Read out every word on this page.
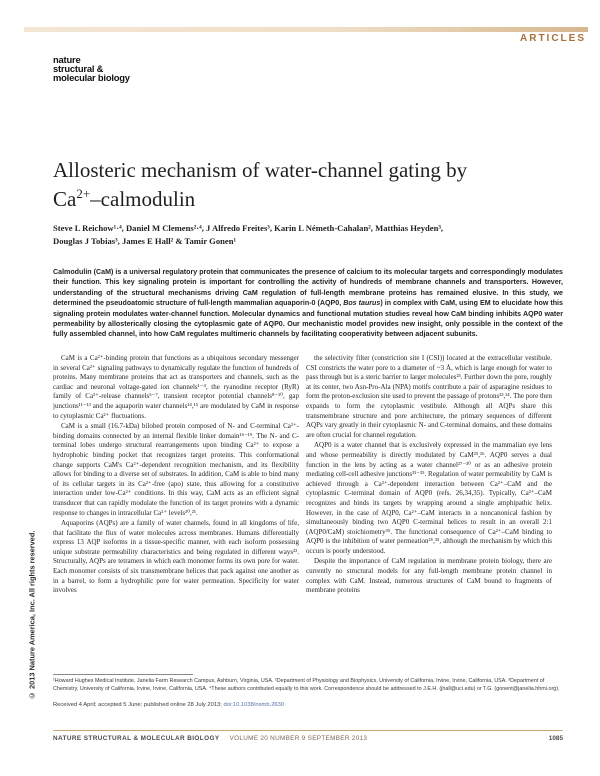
ARTICLES
nature
structural &
molecular biology
Allosteric mechanism of water-channel gating by
$Ca^{2+}$–calmodulin
Steve L Reichow¹·⁴, Daniel M Clemens²·⁴, J Alfredo Freites³, Karin L Németh-Cahalan², Matthias Heyden³,
Douglas J Tobias³, James E Hall² & Tamir Gonen¹
Calmodulin (CaM) is a universal regulatory protein that communicates the presence of calcium to its molecular targets and correspondingly modulates their function. This key signaling protein is important for controlling the activity of hundreds of membrane channels and transporters. However, understanding of the structural mechanisms driving CaM regulation of full-length membrane proteins has remained elusive. In this study, we determined the pseudoatomic structure of full-length mammalian aquaporin-0 (AQP0, Bos taurus) in complex with CaM, using EM to elucidate how this signaling protein modulates water-channel function. Molecular dynamics and functional mutation studies reveal how CaM binding inhibits AQP0 water permeability by allosterically closing the cytoplasmic gate of AQP0. Our mechanistic model provides new insight, only possible in the context of the fully assembled channel, into how CaM regulates multimeric channels by facilitating cooperativity between adjacent subunits.
© 2013 Nature America, Inc. All rights reserved.

CaM is a Ca²⁺-binding protein that functions as a ubiquitous secondary messenger in several Ca²⁺ signaling pathways to dynamically regulate the function of hundreds of proteins. Many membrane proteins that act as transporters and channels, such as the cardiac and neuronal voltage-gated ion channels¹⁻⁴, the ryanodine receptor (RyR) family of Ca²⁺-release channels⁵⁻⁷, transient receptor potential channels⁸⁻¹⁰, gap junctions¹¹⁻¹³ and the aquaporin water channels¹⁴,¹⁵ are modulated by CaM in response to cytoplasmic Ca²⁺ fluctuations.

CaM is a small (16.7-kDa) bilobed protein composed of N- and C-terminal Ca²⁺-binding domains connected by an internal flexible linker domain¹⁶⁻¹⁹. The N- and C-terminal lobes undergo structural rearrangements upon binding Ca²⁺ to expose a hydrophobic binding pocket that recognizes target proteins. This conformational change supports CaM's Ca²⁺-dependent recognition mechanism, and its flexibility allows for binding to a diverse set of substrates. In addition, CaM is able to bind many of its cellular targets in its Ca²⁺-free (apo) state, thus allowing for a constitutive interaction under low-Ca²⁺ conditions. In this way, CaM acts as an efficient signal transducer that can rapidly modulate the function of its target proteins with a dynamic response to changes in intracellular Ca²⁺ levels²⁰,²¹.

Aquaporins (AQPs) are a family of water channels, found in all kingdoms of life, that facilitate the flux of water molecules across membranes. Humans differentially express 13 AQP isoforms in a tissue-specific manner, with each isoform possessing unique substrate permeability characteristics and being regulated in different ways²². Structurally, AQPs are tetramers in which each monomer forms its own pore for water. Each monomer consists of six transmembrane helices that pack against one another as in a barrel, to form a hydrophilic pore for water permeation. Specificity for water involves

the selectivity filter (constriction site I (CSI)) located at the extracellular vestibule. CSI constricts the water pore to a diameter of ~3 Å, which is large enough for water to pass through but is a steric barrier to larger molecules²³. Further down the pore, roughly at its center, two Asn-Pro-Ala (NPA) motifs contribute a pair of asparagine residues to form the proton-exclusion site used to prevent the passage of protons²³,²⁴. The pore then expands to form the cytoplasmic vestibule. Although all AQPs share this transmembrane structure and pore architecture, the primary sequences of different AQPs vary greatly in their cytoplasmic N- and C-terminal domains, and these domains are often crucial for channel regulation.

AQP0 is a water channel that is exclusively expressed in the mammalian eye lens and whose permeability is directly modulated by CaM²⁵,²⁶. AQP0 serves a dual function in the lens by acting as a water channel²⁷⁻³⁰ or as an adhesive protein mediating cell-cell adhesive junctions³¹⁻³⁵. Regulation of water permeability by CaM is achieved through a Ca²⁺-dependent interaction between Ca²⁺–CaM and the cytoplasmic C-terminal domain of AQP0 (refs. 26,34,35). Typically, Ca²⁺–CaM recognizes and binds its targets by wrapping around a single amphipathic helix. However, in the case of AQP0, Ca²⁺–CaM interacts in a noncanonical fashion by simultaneously binding two AQP0 C-terminal helices to result in an overall 2:1 (AQP0/CaM) stoichiometry³⁵. The functional consequence of Ca²⁺–CaM binding to AQP0 is the inhibition of water permeation²⁶,³⁵, although the mechanism by which this occurs is poorly understood.

Despite the importance of CaM regulation in membrane protein biology, there are currently no structural models for any full-length membrane protein channel in complex with CaM. Instead, numerous structures of CaM bound to fragments of membrane proteins

¹Howard Hughes Medical Institute, Janelia Farm Research Campus, Ashburn, Virginia, USA. ²Department of Physiology and Biophysics, University of California, Irvine, Irvine, California, USA. ³Department of Chemistry, University of California, Irvine, Irvine, California, USA. ⁴These authors contributed equally to this work. Correspondence should be addressed to J.E.H. (jhall@uci.edu) or T.G. (gonent@janelia.hhmi.org).
Received 4 April; accepted 5 June; published online 28 July 2013; doi:10.1038/nsmb.2630
NATURE STRUCTURAL & MOLECULAR BIOLOGY VOLUME 20 NUMBER 9 SEPTEMBER 2013	1085
